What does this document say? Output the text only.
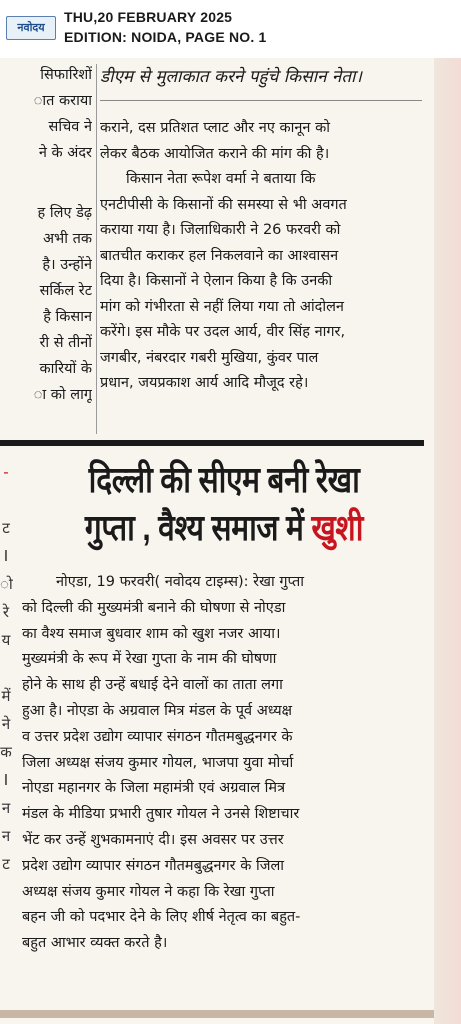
नवोदय
THU,20 FEBRUARY 2025
EDITION: NOIDA, PAGE NO. 1
सिफारिशों
ात कराया
सचिव ने
ने के अंदर
ह लिए डेढ़
अभी तक
है। उन्होंने
सर्किल रेट
है किसान
री से तीनों
कारियों के
ा को लागू
डीएम से मुलाकात करने पहुंचे किसान नेता।
कराने, दस प्रतिशत प्लाट और नए कानून को
लेकर बैठक आयोजित कराने की मांग की है।
किसान नेता रूपेश वर्मा ने बताया कि
एनटीपीसी के किसानों की समस्या से भी अवगत
कराया गया है। जिलाधिकारी ने 26 फरवरी को
बातचीत कराकर हल निकलवाने का आश्वासन
दिया है। किसानों ने ऐलान किया है कि उनकी
मांग को गंभीरता से नहीं लिया गया तो आंदोलन
करेंगे। इस मौके पर उदल आर्य, वीर सिंह नागर,
जगबीर, नंबरदार गबरी मुखिया, कुंवर पाल
प्रधान, जयप्रकाश आर्य आदि मौजूद रहे।
-
ट
I
ो
रे
य
में
ने
क
I
न
न
ट
दिल्ली की सीएम बनी रेखा
गुप्ता , वैश्य समाज में खुशी
नोएडा, 19 फरवरी( नवोदय टाइम्स): रेखा गुप्ता
को दिल्ली की मुख्यमंत्री बनाने की घोषणा से नोएडा
का वैश्य समाज बुधवार शाम को खुश नजर आया।
मुख्यमंत्री के रूप में रेखा गुप्ता के नाम की घोषणा
होने के साथ ही उन्हें बधाई देने वालों का ताता लगा
हुआ है। नोएडा के अग्रवाल मित्र मंडल के पूर्व अध्यक्ष
व उत्तर प्रदेश उद्योग व्यापार संगठन गौतमबुद्धनगर के
जिला अध्यक्ष संजय कुमार गोयल, भाजपा युवा मोर्चा
नोएडा महानगर के जिला महामंत्री एवं अग्रवाल मित्र
मंडल के मीडिया प्रभारी तुषार गोयल ने उनसे शिष्टाचार
भेंट कर उन्हें शुभकामनाएं दी। इस अवसर पर उत्तर
प्रदेश उद्योग व्यापार संगठन गौतमबुद्धनगर के जिला
अध्यक्ष संजय कुमार गोयल ने कहा कि रेखा गुप्ता
बहन जी को पदभार देने के लिए शीर्ष नेतृत्व का बहुत-
बहुत आभार व्यक्त करते है।
